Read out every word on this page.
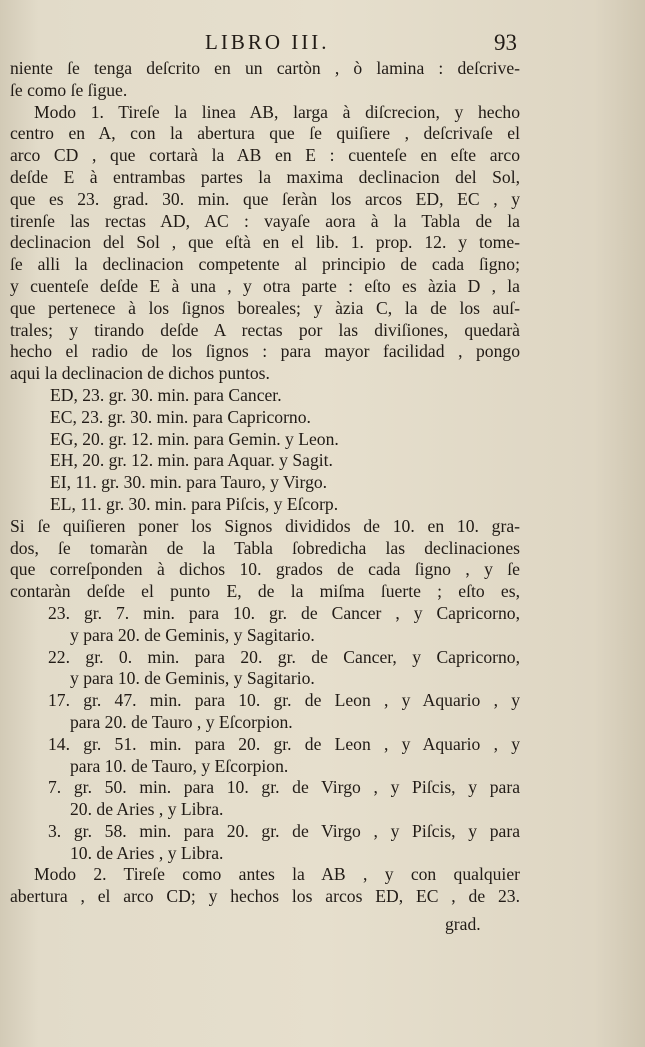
LIBRO III.	93
niente ſe tenga deſcrito en un cartòn , ò lamina : deſcrive-
ſe como ſe ſigue.
Modo 1. Tireſe la linea AB, larga à diſcrecion, y hecho
centro en A, con la abertura que ſe quiſiere , deſcrivaſe el
arco CD , que cortarà la AB en E : cuenteſe en eſte arco
deſde E à entrambas partes la maxima declinacion del Sol,
que es 23. grad. 30. min. que ſeràn los arcos ED, EC , y
tirenſe las rectas AD, AC : vayaſe aora à la Tabla de la
declinacion del Sol , que eſtà en el lib. 1. prop. 12. y tome-
ſe alli la declinacion competente al principio de cada ſigno;
y cuenteſe deſde E à una , y otra parte : eſto es àzia D , la
que pertenece à los ſignos boreales; y àzia C, la de los auſ-
trales; y tirando deſde A rectas por las diviſiones, quedarà
hecho el radio de los ſignos : para mayor facilidad , pongo
aqui la declinacion de dichos puntos.
ED, 23. gr. 30. min. para Cancer.
EC, 23. gr. 30. min. para Capricorno.
EG, 20. gr. 12. min. para Gemin. y Leon.
EH, 20. gr. 12. min. para Aquar. y Sagit.
EI, 11. gr. 30. min. para Tauro, y Virgo.
EL, 11. gr. 30. min. para Piſcis, y Eſcorp.
Si ſe quiſieren poner los Signos divididos de 10. en 10. gra-
dos, ſe tomaràn de la Tabla ſobredicha las declinaciones
que correſponden à dichos 10. grados de cada ſigno , y ſe
contaràn deſde el punto E, de la miſma ſuerte ; eſto es,
23. gr. 7. min. para 10. gr. de Cancer , y Capricorno,
y para 20. de Geminis, y Sagitario.
22. gr. 0. min. para 20. gr. de Cancer, y Capricorno,
y para 10. de Geminis, y Sagitario.
17. gr. 47. min. para 10. gr. de Leon , y Aquario , y
para 20. de Tauro , y Eſcorpion.
14. gr. 51. min. para 20. gr. de Leon , y Aquario , y
para 10. de Tauro, y Eſcorpion.
7. gr. 50. min. para 10. gr. de Virgo , y Piſcis, y para
20. de Aries , y Libra.
3. gr. 58. min. para 20. gr. de Virgo , y Piſcis, y para
10. de Aries , y Libra.
Modo 2. Tireſe como antes la AB , y con qualquier
abertura , el arco CD; y hechos los arcos ED, EC , de 23.
grad.
